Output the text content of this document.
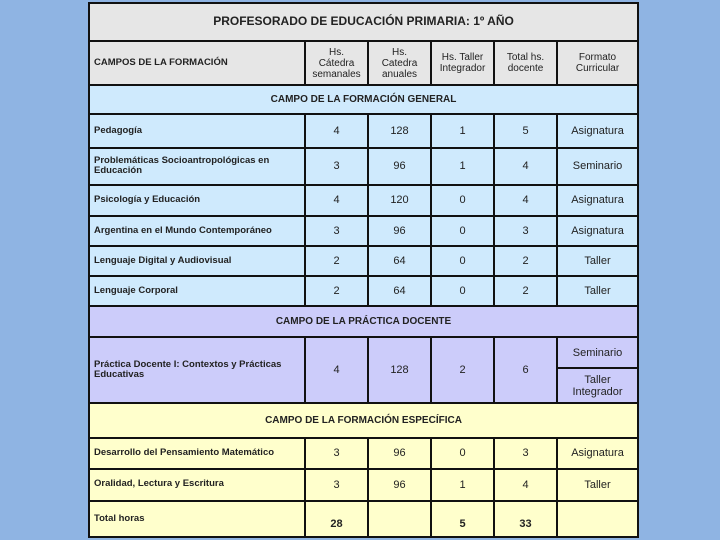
PROFESORADO DE EDUCACIÓN PRIMARIA: 1º AÑO					
CAMPOS DE LA FORMACIÓN	Hs. Cátedra semanales	Hs. Catedra anuales	Hs. Taller Integrador	Total hs. docente	Formato Curricular
CAMPO DE LA FORMACIÓN GENERAL					
Pedagogía	4	128	1	5	Asignatura
Problemáticas Socioantropológicas en Educación	3	96	1	4	Seminario
Psicología y Educación	4	120	0	4	Asignatura
Argentina en el Mundo Contemporáneo	3	96	0	3	Asignatura
Lenguaje Digital y Audiovisual	2	64	0	2	Taller
Lenguaje Corporal	2	64	0	2	Taller
CAMPO DE LA PRÁCTICA DOCENTE					
Práctica Docente I: Contextos y Prácticas Educativas	4	128	2	6	Seminario
					Taller Integrador
CAMPO DE LA FORMACIÓN ESPECÍFICA					
Desarrollo del Pensamiento Matemático	3	96	0	3	Asignatura
Oralidad, Lectura y Escritura	3	96	1	4	Taller
Total horas	28		5	33	
